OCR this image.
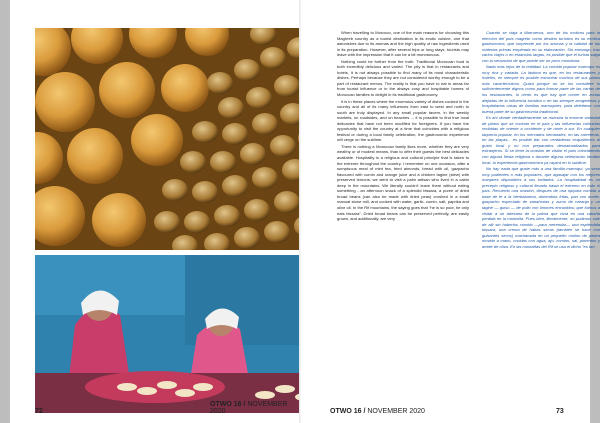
72
OTWO 16 / NOVEMBER 2020	OTWO 16 / NOVEMBER 2020	73

When travelling to Morocco, one of the main reasons for choosing this Maghreb country as a tourist destination is its exotic cuisine, one that astonishes due to its aromas and the high quality of raw ingredients used in its preparation. However, after several trips or long stays, tourists may leave with the impression that it can be a bit monotonous.

Nothing could be further from the truth. Traditional Moroccan food is both incredibly delicious and varied. The pity is that in restaurants and hotels, it is not always possible to find many of its most characteristic dishes. Perhaps because they are not considered worthy enough to be a part of restaurant menus. The reality is that you have to eat in areas far from tourist influence or in the always cosy and hospitable homes of Moroccan families to delight in its traditional gastronomy.

It is in these places where the enormous variety of dishes cooked in the country and all of its many influences from east to west and north to south are truly displayed. In any small popular tavern, in the weekly markets, on roadsides, and on beaches ... it is possible to find true local delicacies that have not been modified for foreigners. If you have the opportunity to visit the country at a time that coincides with a religious festival or during a local family celebration, the gastronomic experience will verge on the sublime.

There is nothing a Moroccan family likes more, whether they are very wealthy or of modest means, than to offer their guests the best delicacies available. Hospitality is a religious and cultural principle that is taken to the extreme throughout the country. I remember on one occasion, after a sumptuous meal of mint tea, fried almonds, bread with oil, gazpacho flavoured with cumin and orange juice and a chicken tagine (stew) with preserved lemons; we went to visit a palm artisan who lived in a cabin deep in the mountains. We literally couldn't leave there without eating something - an afternoon snack of a splendid bissara, a puree of dried broad beans (can also be made with dried peas) crushed in a small manual stone mill, and cooked with water, garlic, cumin, salt, paprika and olive oil. In the Rif mountains, the saying goes that "he is so poor, he only eats bissara". Dried broad beans can be preserved perfectly, are easily grown, and additionally, are very

Cuando se viaja a Marruecos, uno de los motivos para la elección del país magrebí como destino turístico es su exótica gastronomía, que sorprende por los aromas y la calidad de las materias primas empleada en su elaboración. Sin embargo, tras varios viajes o en estancias largas, es posible que el turista salga con la sensación de que puede ser un poco monótona.

Nada más lejos de la realidad. La comida popular marroquí es muy rica y variada. La lástima es que, en los restaurantes y hoteles, no siempre es posible encontrar muchos de sus platos más característicos. Quizá porque no se los considere lo suficientemente dignos como para formar parte de las cartas de los restaurantes, lo cierto es que hay que comer en zonas alejadas de la influencia turística o en las siempre acogedoras y hospitalarias casas de familias marroquíes, para deleitarse con buena parte de su gastronomía tradicional.

Es ahí donde verdaderamente se muestra la enorme variedad de platos que se cocinan en el país y las influencias culinarias recibidas de oriente a occidente y de norte a sur. En cualquier taquería popular, en los mercados semanales, en las carreteras, en las playas... es posible dar con verdaderas exquisiteces al gusto local y no con preparados desnaturalizados para extranjeros. Si se tiene la ocasión de visitar el país coincidiendo con alguna fiesta religiosa o durante alguna celebración familiar local, la experiencia gastronómica ya rayará en lo sublime.

No hay nada que guste más a una familia marroquí, ya sean muy pudientes o más populares, que agasajar con los mejores manjares disponibles a sus invitados. La hospitalidad es un precepto religioso y cultural llevado hasta el extremo en todo el país. Recuerdo una ocasión, después de una opípara comida a base de té a la hierbabuena, almendras fritas, pan con aceite, gazpacho especiado de zanahorias y zumo de naranja y un tagine — guiso — de pollo con limones encurtidos; que fuimos a visitar a un artesano de la palma que vivía en una cabaña perdida en la montaña. Pues bien, literalmente, no pudimos salir de allí sin haberlos comido —para merendar— una espléndida bissara, una crema de habas secas (también se hace con guisantes secos) machacada en un pequeño molino de piedra movido a mano, cocidas con agua, ajo, comino, sal, pimentón y aceite de oliva. En las montañas del Rif se usa el dicho "es tan
